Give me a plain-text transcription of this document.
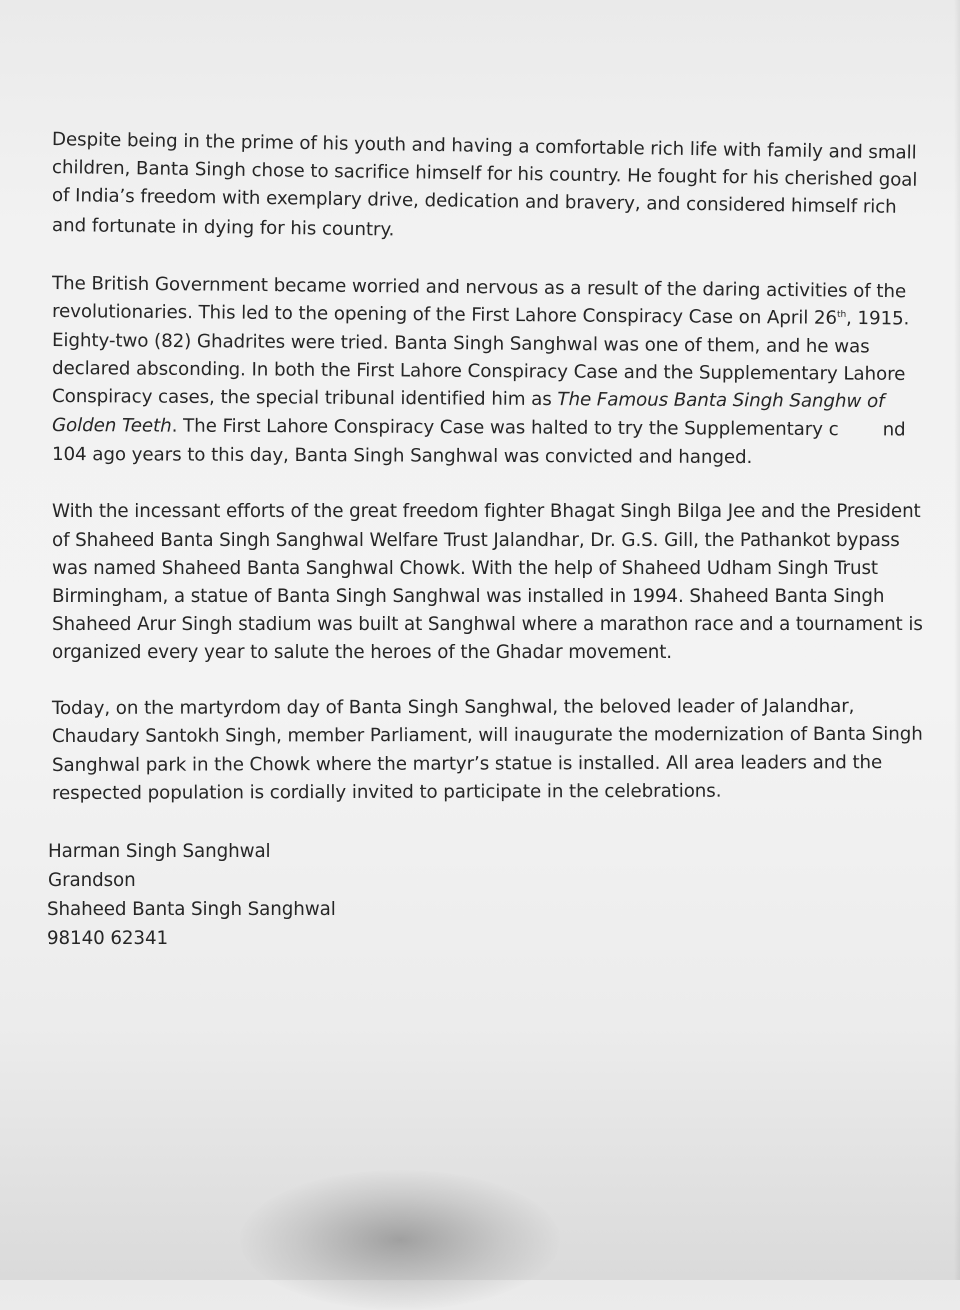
Despite being in the prime of his youth and having a comfortable rich life with family and small
children, Banta Singh chose to sacrifice himself for his country. He fought for his cherished goal
of India’s freedom with exemplary drive, dedication and bravery, and considered himself rich
and fortunate in dying for his country.
The British Government became worried and nervous as a result of the daring activities of the
revolutionaries. This led to the opening of the First Lahore Conspiracy Case on April 26th, 1915.
Eighty-two (82) Ghadrites were tried. Banta Singh Sanghwal was one of them, and he was
declared absconding. In both the First Lahore Conspiracy Case and the Supplementary Lahore
Conspiracy cases, the special tribunal identified him as The Famous Banta Singh Sanghw of
Golden Teeth. The First Lahore Conspiracy Case was halted to try the Supplementary c nd
104 ago years to this day, Banta Singh Sanghwal was convicted and hanged.
With the incessant efforts of the great freedom fighter Bhagat Singh Bilga Jee and the President
of Shaheed Banta Singh Sanghwal Welfare Trust Jalandhar, Dr. G.S. Gill, the Pathankot bypass
was named Shaheed Banta Sanghwal Chowk. With the help of Shaheed Udham Singh Trust
Birmingham, a statue of Banta Singh Sanghwal was installed in 1994. Shaheed Banta Singh
Shaheed Arur Singh stadium was built at Sanghwal where a marathon race and a tournament is
organized every year to salute the heroes of the Ghadar movement.
Today, on the martyrdom day of Banta Singh Sanghwal, the beloved leader of Jalandhar,
Chaudary Santokh Singh, member Parliament, will inaugurate the modernization of Banta Singh
Sanghwal park in the Chowk where the martyr’s statue is installed. All area leaders and the
respected population is cordially invited to participate in the celebrations.
Harman Singh Sanghwal
Grandson
Shaheed Banta Singh Sanghwal
98140 62341
